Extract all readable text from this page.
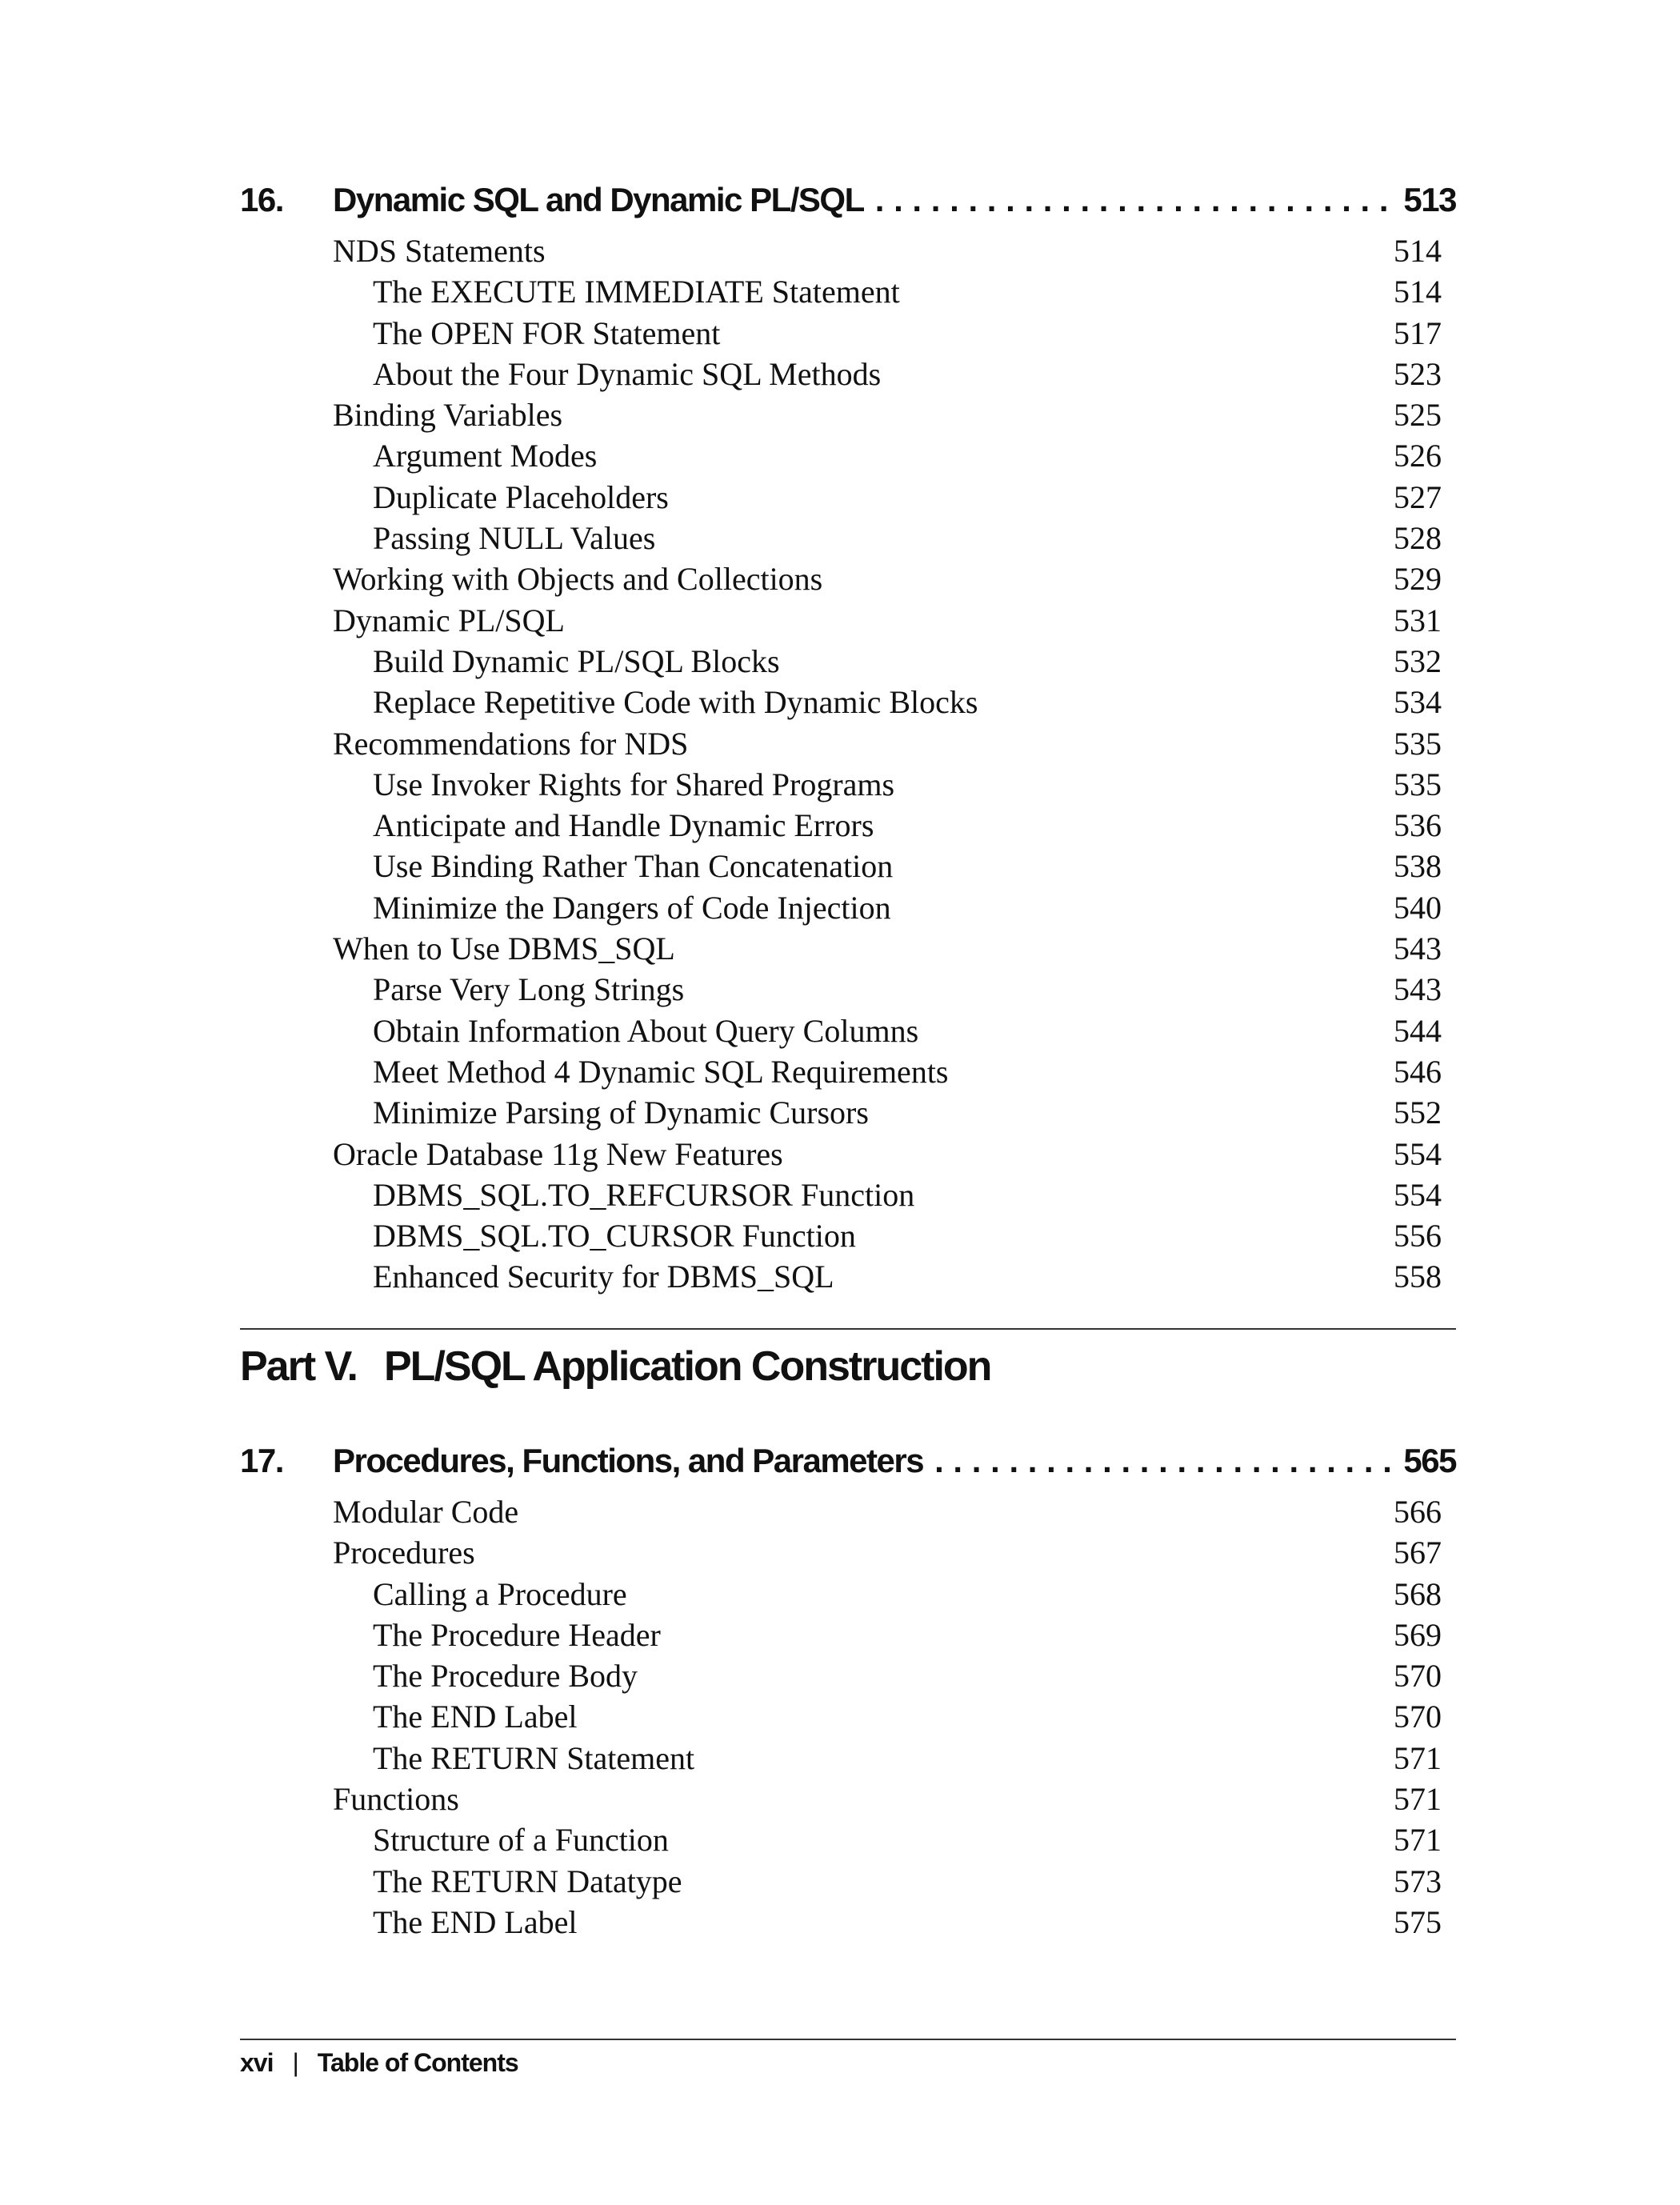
16.	Dynamic SQL and Dynamic PL/SQL . . .	513
NDS Statements	514
The EXECUTE IMMEDIATE Statement	514
The OPEN FOR Statement	517
About the Four Dynamic SQL Methods	523
Binding Variables	525
Argument Modes	526
Duplicate Placeholders	527
Passing NULL Values	528
Working with Objects and Collections	529
Dynamic PL/SQL	531
Build Dynamic PL/SQL Blocks	532
Replace Repetitive Code with Dynamic Blocks	534
Recommendations for NDS	535
Use Invoker Rights for Shared Programs	535
Anticipate and Handle Dynamic Errors	536
Use Binding Rather Than Concatenation	538
Minimize the Dangers of Code Injection	540
When to Use DBMS_SQL	543
Parse Very Long Strings	543
Obtain Information About Query Columns	544
Meet Method 4 Dynamic SQL Requirements	546
Minimize Parsing of Dynamic Cursors	552
Oracle Database 11g New Features	554
DBMS_SQL.TO_REFCURSOR Function	554
DBMS_SQL.TO_CURSOR Function	556
Enhanced Security for DBMS_SQL	558
Part V. PL/SQL Application Construction
17.	Procedures, Functions, and Parameters . . .	565
Modular Code	566
Procedures	567
Calling a Procedure	568
The Procedure Header	569
The Procedure Body	570
The END Label	570
The RETURN Statement	571
Functions	571
Structure of a Function	571
The RETURN Datatype	573
The END Label	575
xvi | Table of Contents
